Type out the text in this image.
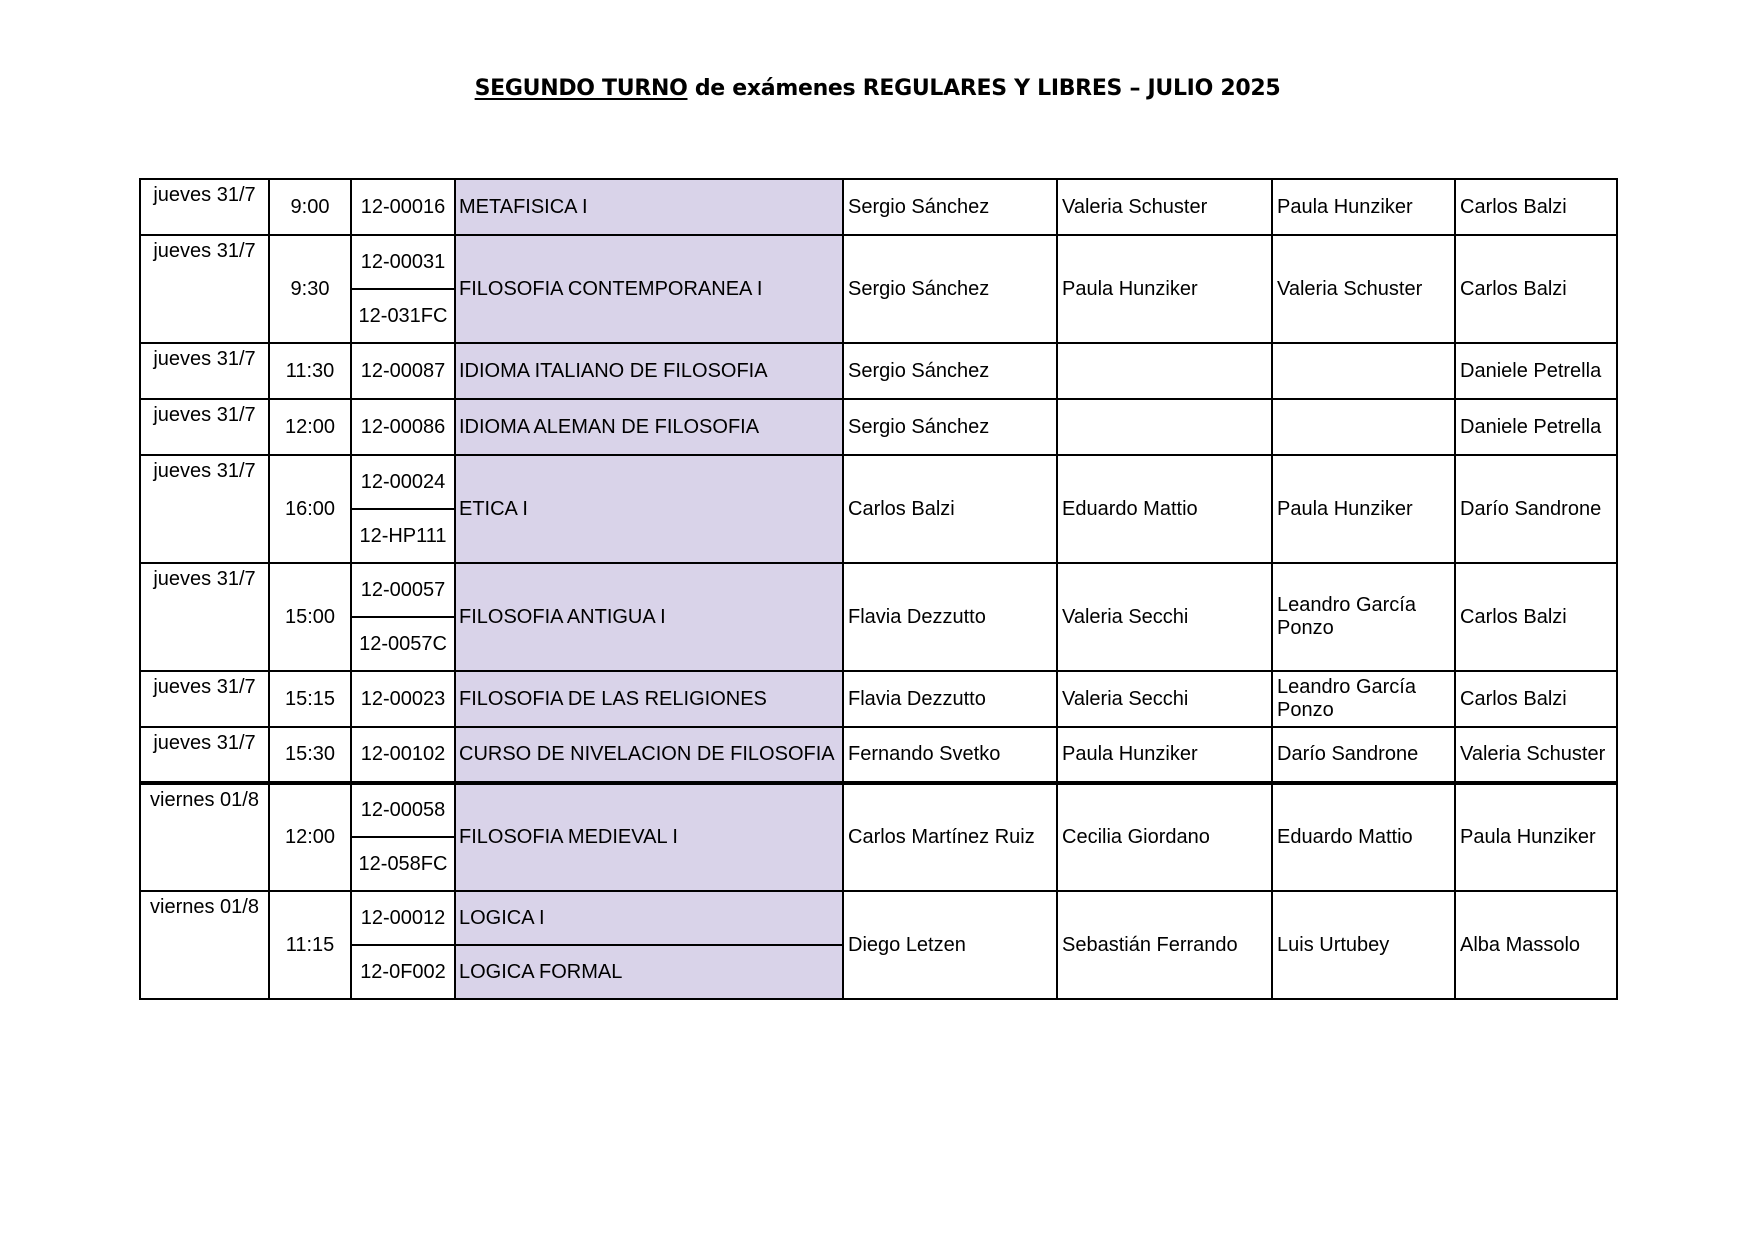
SEGUNDO TURNO de exámenes REGULARES Y LIBRES – JULIO 2025
jueves 31/7	9:00	12-00016	METAFISICA I	Sergio Sánchez	Valeria Schuster	Paula Hunziker	Carlos Balzi
jueves 31/7	9:30	12-00031	FILOSOFIA CONTEMPORANEA I	Sergio Sánchez	Paula Hunziker	Valeria Schuster	Carlos Balzi
		12-031FC					
jueves 31/7	11:30	12-00087	IDIOMA ITALIANO DE FILOSOFIA	Sergio Sánchez			Daniele Petrella
jueves 31/7	12:00	12-00086	IDIOMA ALEMAN DE FILOSOFIA	Sergio Sánchez			Daniele Petrella
jueves 31/7	16:00	12-00024	ETICA I	Carlos Balzi	Eduardo Mattio	Paula Hunziker	Darío Sandrone
		12-HP111					
jueves 31/7	15:00	12-00057	FILOSOFIA ANTIGUA I	Flavia Dezzutto	Valeria Secchi	Leandro García Ponzo	Carlos Balzi
		12-0057C					
jueves 31/7	15:15	12-00023	FILOSOFIA DE LAS RELIGIONES	Flavia Dezzutto	Valeria Secchi	Leandro García Ponzo	Carlos Balzi
jueves 31/7	15:30	12-00102	CURSO DE NIVELACION DE FILOSOFIA	Fernando Svetko	Paula Hunziker	Darío Sandrone	Valeria Schuster
viernes 01/8	12:00	12-00058	FILOSOFIA MEDIEVAL I	Carlos Martínez Ruiz	Cecilia Giordano	Eduardo Mattio	Paula Hunziker
		12-058FC					
viernes 01/8	11:15	12-00012	LOGICA I	Diego Letzen	Sebastián Ferrando	Luis Urtubey	Alba Massolo
		12-0F002	LOGICA FORMAL				
